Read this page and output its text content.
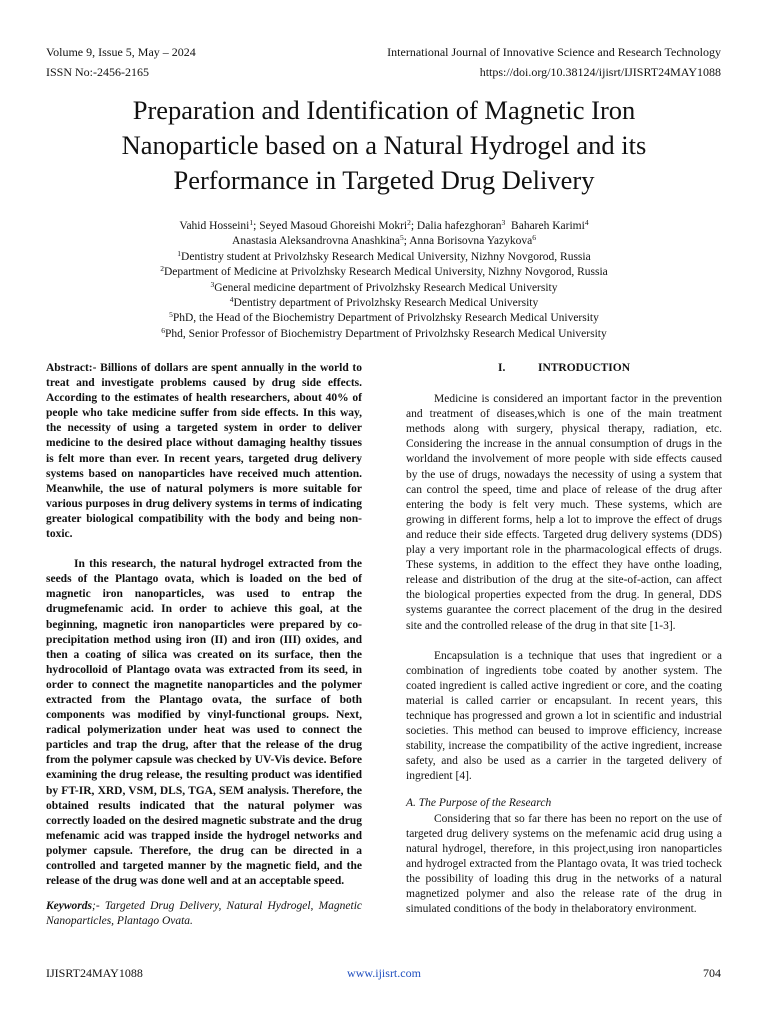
Volume 9, Issue 5, May – 2024
ISSN No:-2456-2165
International Journal of Innovative Science and Research Technology
https://doi.org/10.38124/ijisrt/IJISRT24MAY1088
Preparation and Identification of Magnetic Iron
Nanoparticle based on a Natural Hydrogel and its
Performance in Targeted Drug Delivery
Vahid Hosseini$^1$; Seyed Masoud Ghoreishi Mokri$^2$; Dalia hafezghoran$^3$  Bahareh Karimi$^4$
Anastasia Aleksandrovna Anashkina$^5$; Anna Borisovna Yazykova$^6$
$^1$Dentistry student at Privolzhsky Research Medical University, Nizhny Novgorod, Russia
$^2$Department of Medicine at Privolzhsky Research Medical University, Nizhny Novgorod, Russia
$^3$General medicine department of Privolzhsky Research Medical University
$^4$Dentistry department of Privolzhsky Research Medical University
$^5$PhD, the Head of the Biochemistry Department of Privolzhsky Research Medical University
$^6$Phd, Senior Professor of Biochemistry Department of Privolzhsky Research Medical University

Abstract:- Billions of dollars are spent annually in the world to treat and investigate problems caused by drug side effects. According to the estimates of health researchers, about 40% of people who take medicine suffer from side effects. In this way, the necessity of using a targeted system in order to deliver medicine to the desired place without damaging healthy tissues is felt more than ever. In recent years, targeted drug delivery systems based on nanoparticles have received much attention. Meanwhile, the use of natural polymers is more suitable for various purposes in drug delivery systems in terms of indicating greater biological compatibility with the body and being non-toxic.

In this research, the natural hydrogel extracted from the seeds of the Plantago ovata, which is loaded on the bed of magnetic iron nanoparticles, was used to entrap the drugmefenamic acid. In order to achieve this goal, at the beginning, magnetic iron nanoparticles were prepared by co-precipitation method using iron (II) and iron (III) oxides, and then a coating of silica was created on its surface, then the hydrocolloid of Plantago ovata was extracted from its seed, in order to connect the magnetite nanoparticles and the polymer extracted from the Plantago ovata, the surface of both components was modified by vinyl-functional groups. Next, radical polymerization under heat was used to connect the particles and trap the drug, after that the release of the drug from the polymer capsule was checked by UV-Vis device. Before examining the drug release, the resulting product was identified by FT-IR, XRD, VSM, DLS, TGA, SEM analysis. Therefore, the obtained results indicated that the natural polymer was correctly loaded on the desired magnetic substrate and the drug mefenamic acid was trapped inside the hydrogel networks and polymer capsule. Therefore, the drug can be directed in a controlled and targeted manner by the magnetic field, and the release of the drug was done well and at an acceptable speed.

Keywords;- Targeted Drug Delivery, Natural Hydrogel, Magnetic Nanoparticles, Plantago Ovata.

I.	INTRODUCTION

Medicine is considered an important factor in the prevention and treatment of diseases,which is one of the main treatment methods along with surgery, physical therapy, radiation, etc. Considering the increase in the annual consumption of drugs in the worldand the involvement of more people with side effects caused by the use of drugs, nowadays the necessity of using a system that can control the speed, time and place of release of the drug after entering the body is felt very much. These systems, which are growing in different forms, help a lot to improve the effect of drugs and reduce their side effects. Targeted drug delivery systems (DDS) play a very important role in the pharmacological effects of drugs. These systems, in addition to the effect they have onthe loading, release and distribution of the drug at the site-of-action, can affect the biological properties expected from the drug. In general, DDS systems guarantee the correct placement of the drug in the desired site and the controlled release of the drug in that site [1-3].

Encapsulation is a technique that uses that ingredient or a combination of ingredients tobe coated by another system. The coated ingredient is called active ingredient or core, and the coating material is called carrier or encapsulant. In recent years, this technique has progressed and grown a lot in scientific and industrial societies. This method can beused to improve efficiency, increase stability, increase the compatibility of the active ingredient, increase safety, and also be used as a carrier in the targeted delivery of ingredient [4].

A. The Purpose of the Research

Considering that so far there has been no report on the use of targeted drug delivery systems on the mefenamic acid drug using a natural hydrogel, therefore, in this project,using iron nanoparticles and hydrogel extracted from the Plantago ovata, It was tried tocheck the possibility of loading this drug in the networks of a natural magnetized polymer and also the release rate of the drug in simulated conditions of the body in thelaboratory environment.

IJISRT24MAY1088	www.ijisrt.com	704
